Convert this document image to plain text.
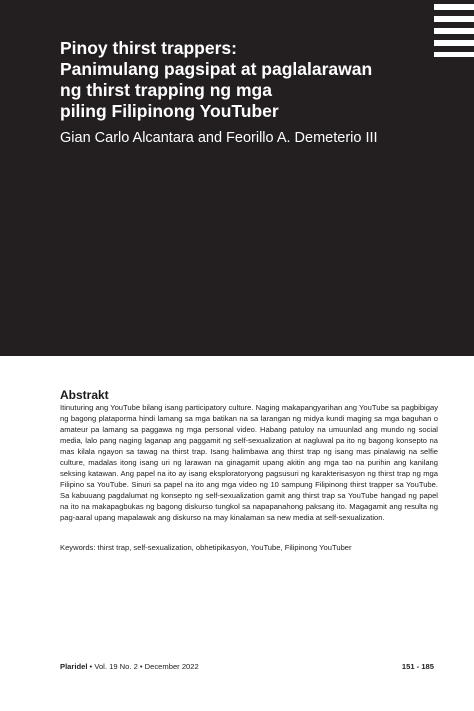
Pinoy thirst trappers:
Panimulang pagsipat at paglalarawan
ng thirst trapping ng mga
piling Filipinong YouTuber
Gian Carlo Alcantara and Feorillo A. Demeterio III
Abstrakt
Itinuturing ang YouTube bilang isang participatory culture. Naging makapangyarihan ang YouTube sa pagbibigay ng bagong plataporma hindi lamang sa mga batikan na sa larangan ng midya kundi maging sa mga baguhan o amateur pa lamang sa paggawa ng mga personal video. Habang patuloy na umuunlad ang mundo ng social media, lalo pang naging laganap ang paggamit ng self-sexualization at nagluwal pa ito ng bagong konsepto na mas kilala ngayon sa tawag na thirst trap. Isang halimbawa ang thirst trap ng isang mas pinalawig na selfie culture, madalas itong isang uri ng larawan na ginagamit upang akitin ang mga tao na purihin ang kanilang seksing katawan. Ang papel na ito ay isang eksploratoryong pagsusuri ng karakterisasyon ng thirst trap ng mga Filipino sa YouTube. Sinuri sa papel na ito ang mga video ng 10 sampung Filipinong thirst trapper sa YouTube. Sa kabuuang pagdalumat ng konsepto ng self-sexualization gamit ang thirst trap sa YouTube hangad ng papel na ito na makapagbukas ng bagong diskurso tungkol sa napapanahong paksang ito. Magagamit ang resulta ng pag-aaral upang mapalawak ang diskurso na may kinalaman sa new media at self-sexualization.
Keywords: thirst trap, self-sexualization, obhetipikasyon, YouTube, Filipinong YouTuber
Plaridel • Vol. 19 No. 2 • December 2022	151 - 185
